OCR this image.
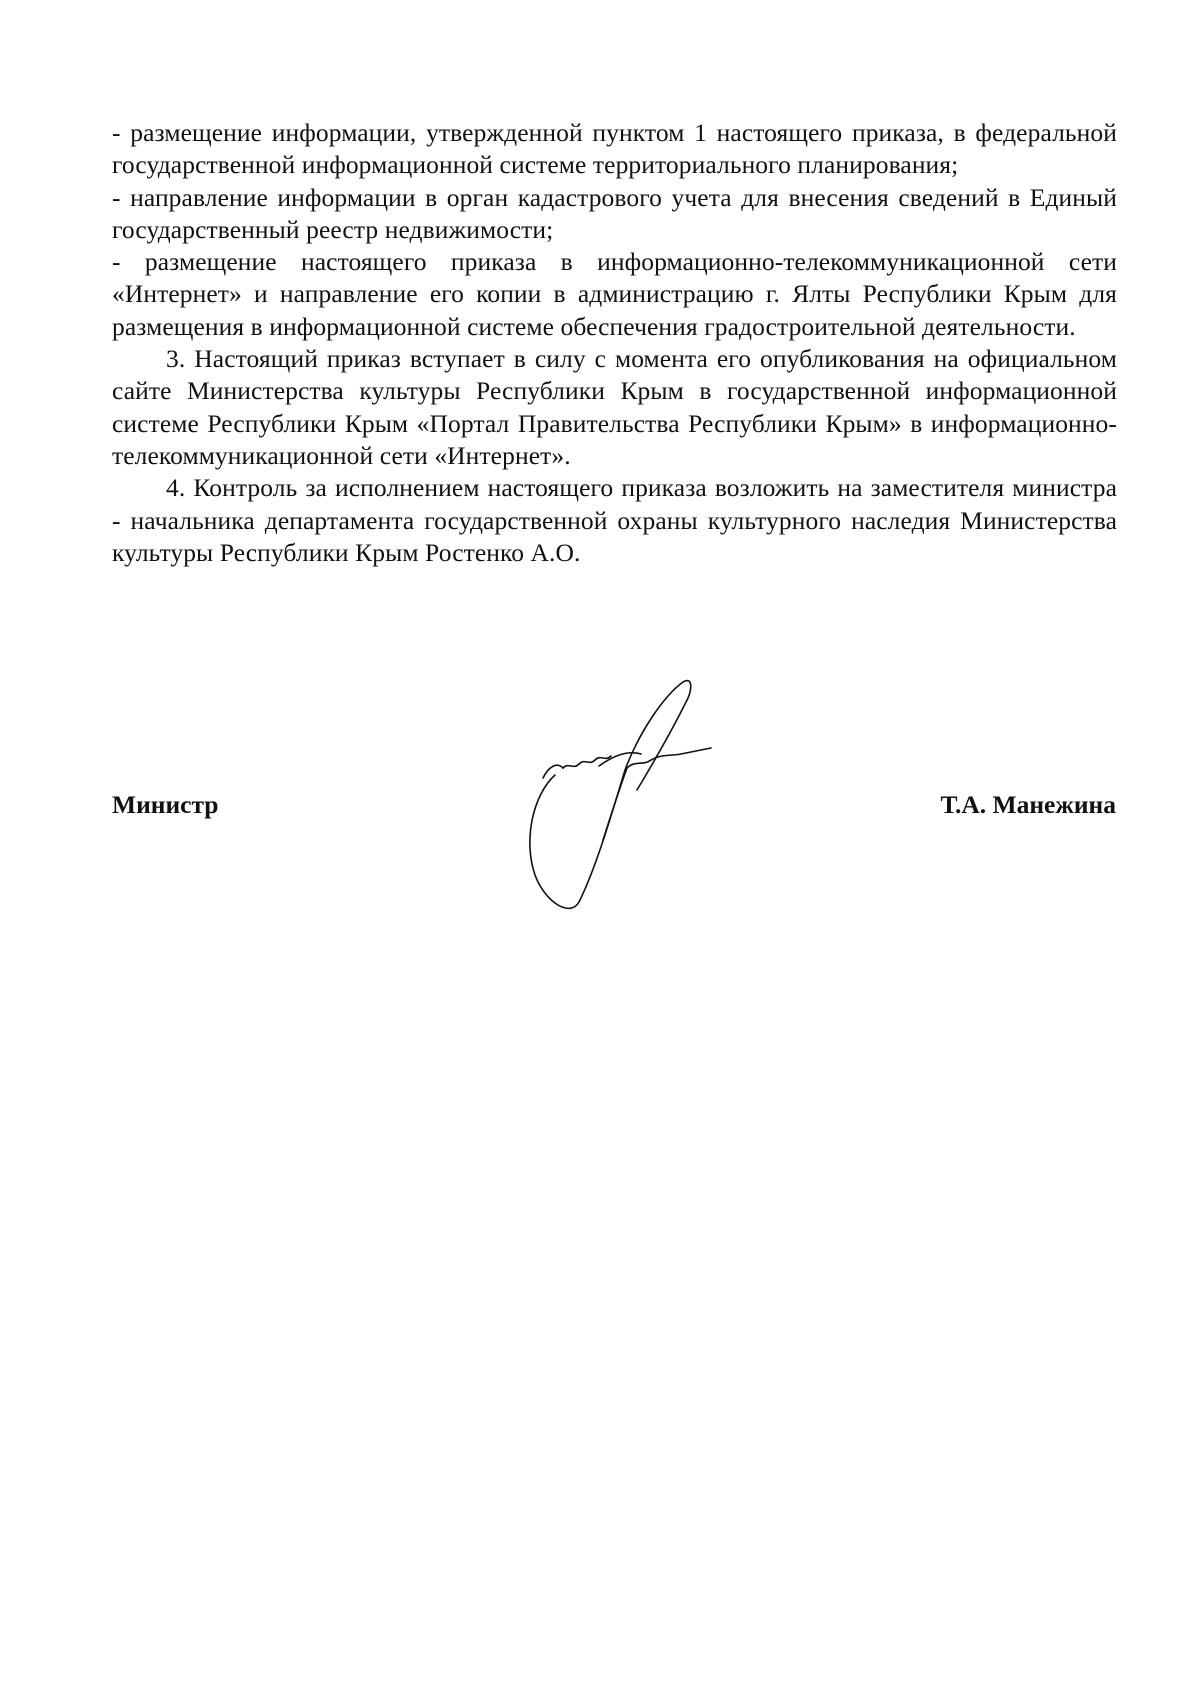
- размещение информации, утвержденной пунктом 1 настоящего приказа, в федеральной государственной информационной системе территориального планирования;

- направление информации в орган кадастрового учета для внесения сведений в Единый государственный реестр недвижимости;

- размещение настоящего приказа в информационно-телекоммуникационной сети «Интернет» и направление его копии в администрацию г. Ялты Республики Крым для размещения в информационной системе обеспечения градостроительной деятельности.

3. Настоящий приказ вступает в силу с момента его опубликования на официальном сайте Министерства культуры Республики Крым в государственной информационной системе Республики Крым «Портал Правительства Республики Крым» в информационно-телекоммуникационной сети «Интернет».

4. Контроль за исполнением настоящего приказа возложить на заместителя министра - начальника департамента государственной охраны культурного наследия Министерства культуры Республики Крым Ростенко А.О.

Министр	Т.А. Манежина
